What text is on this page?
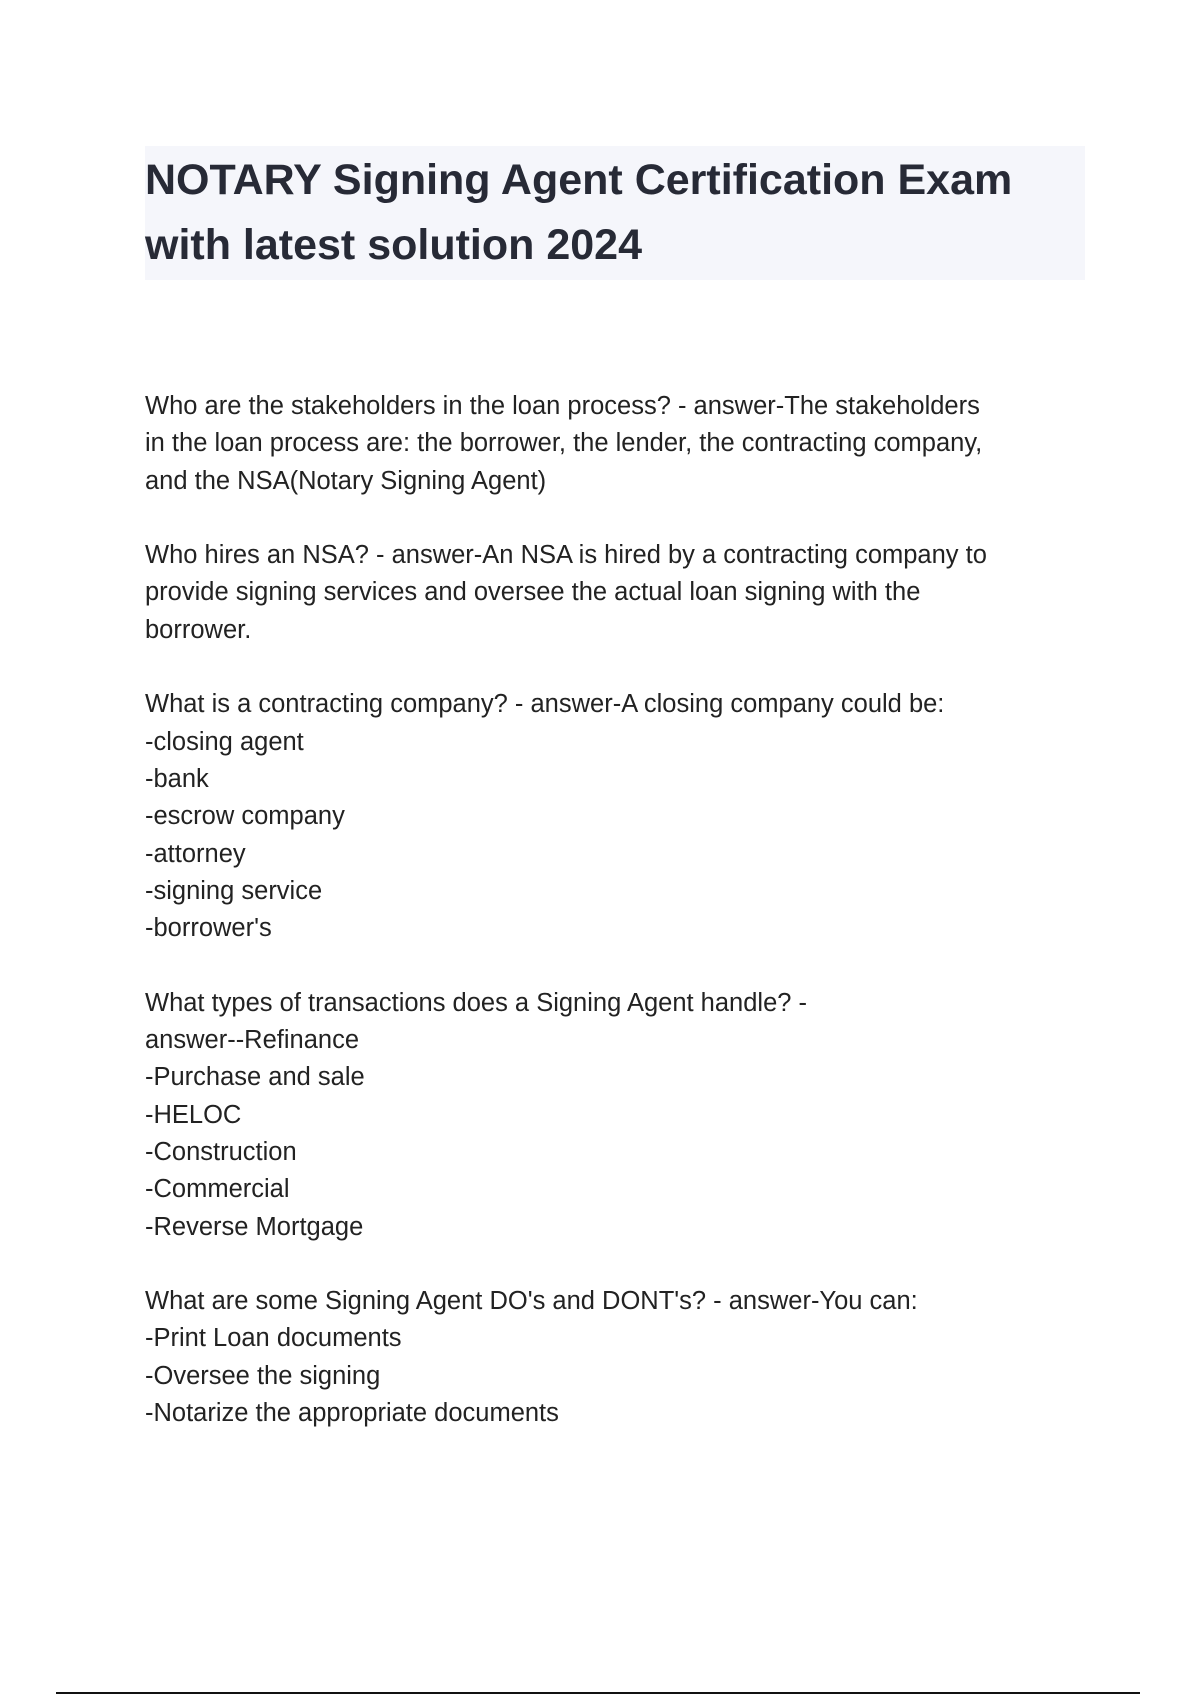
NOTARY Signing Agent Certification Exam
with latest solution 2024

Who are the stakeholders in the loan process? - answer-The stakeholders
in the loan process are: the borrower, the lender, the contracting company,
and the NSA(Notary Signing Agent)

Who hires an NSA? - answer-An NSA is hired by a contracting company to
provide signing services and oversee the actual loan signing with the
borrower.

What is a contracting company? - answer-A closing company could be:
-closing agent
-bank
-escrow company
-attorney
-signing service
-borrower's

What types of transactions does a Signing Agent handle? -
answer--Refinance
-Purchase and sale
-HELOC
-Construction
-Commercial
-Reverse Mortgage

What are some Signing Agent DO's and DONT's? - answer-You can:
-Print Loan documents
-Oversee the signing
-Notarize the appropriate documents
